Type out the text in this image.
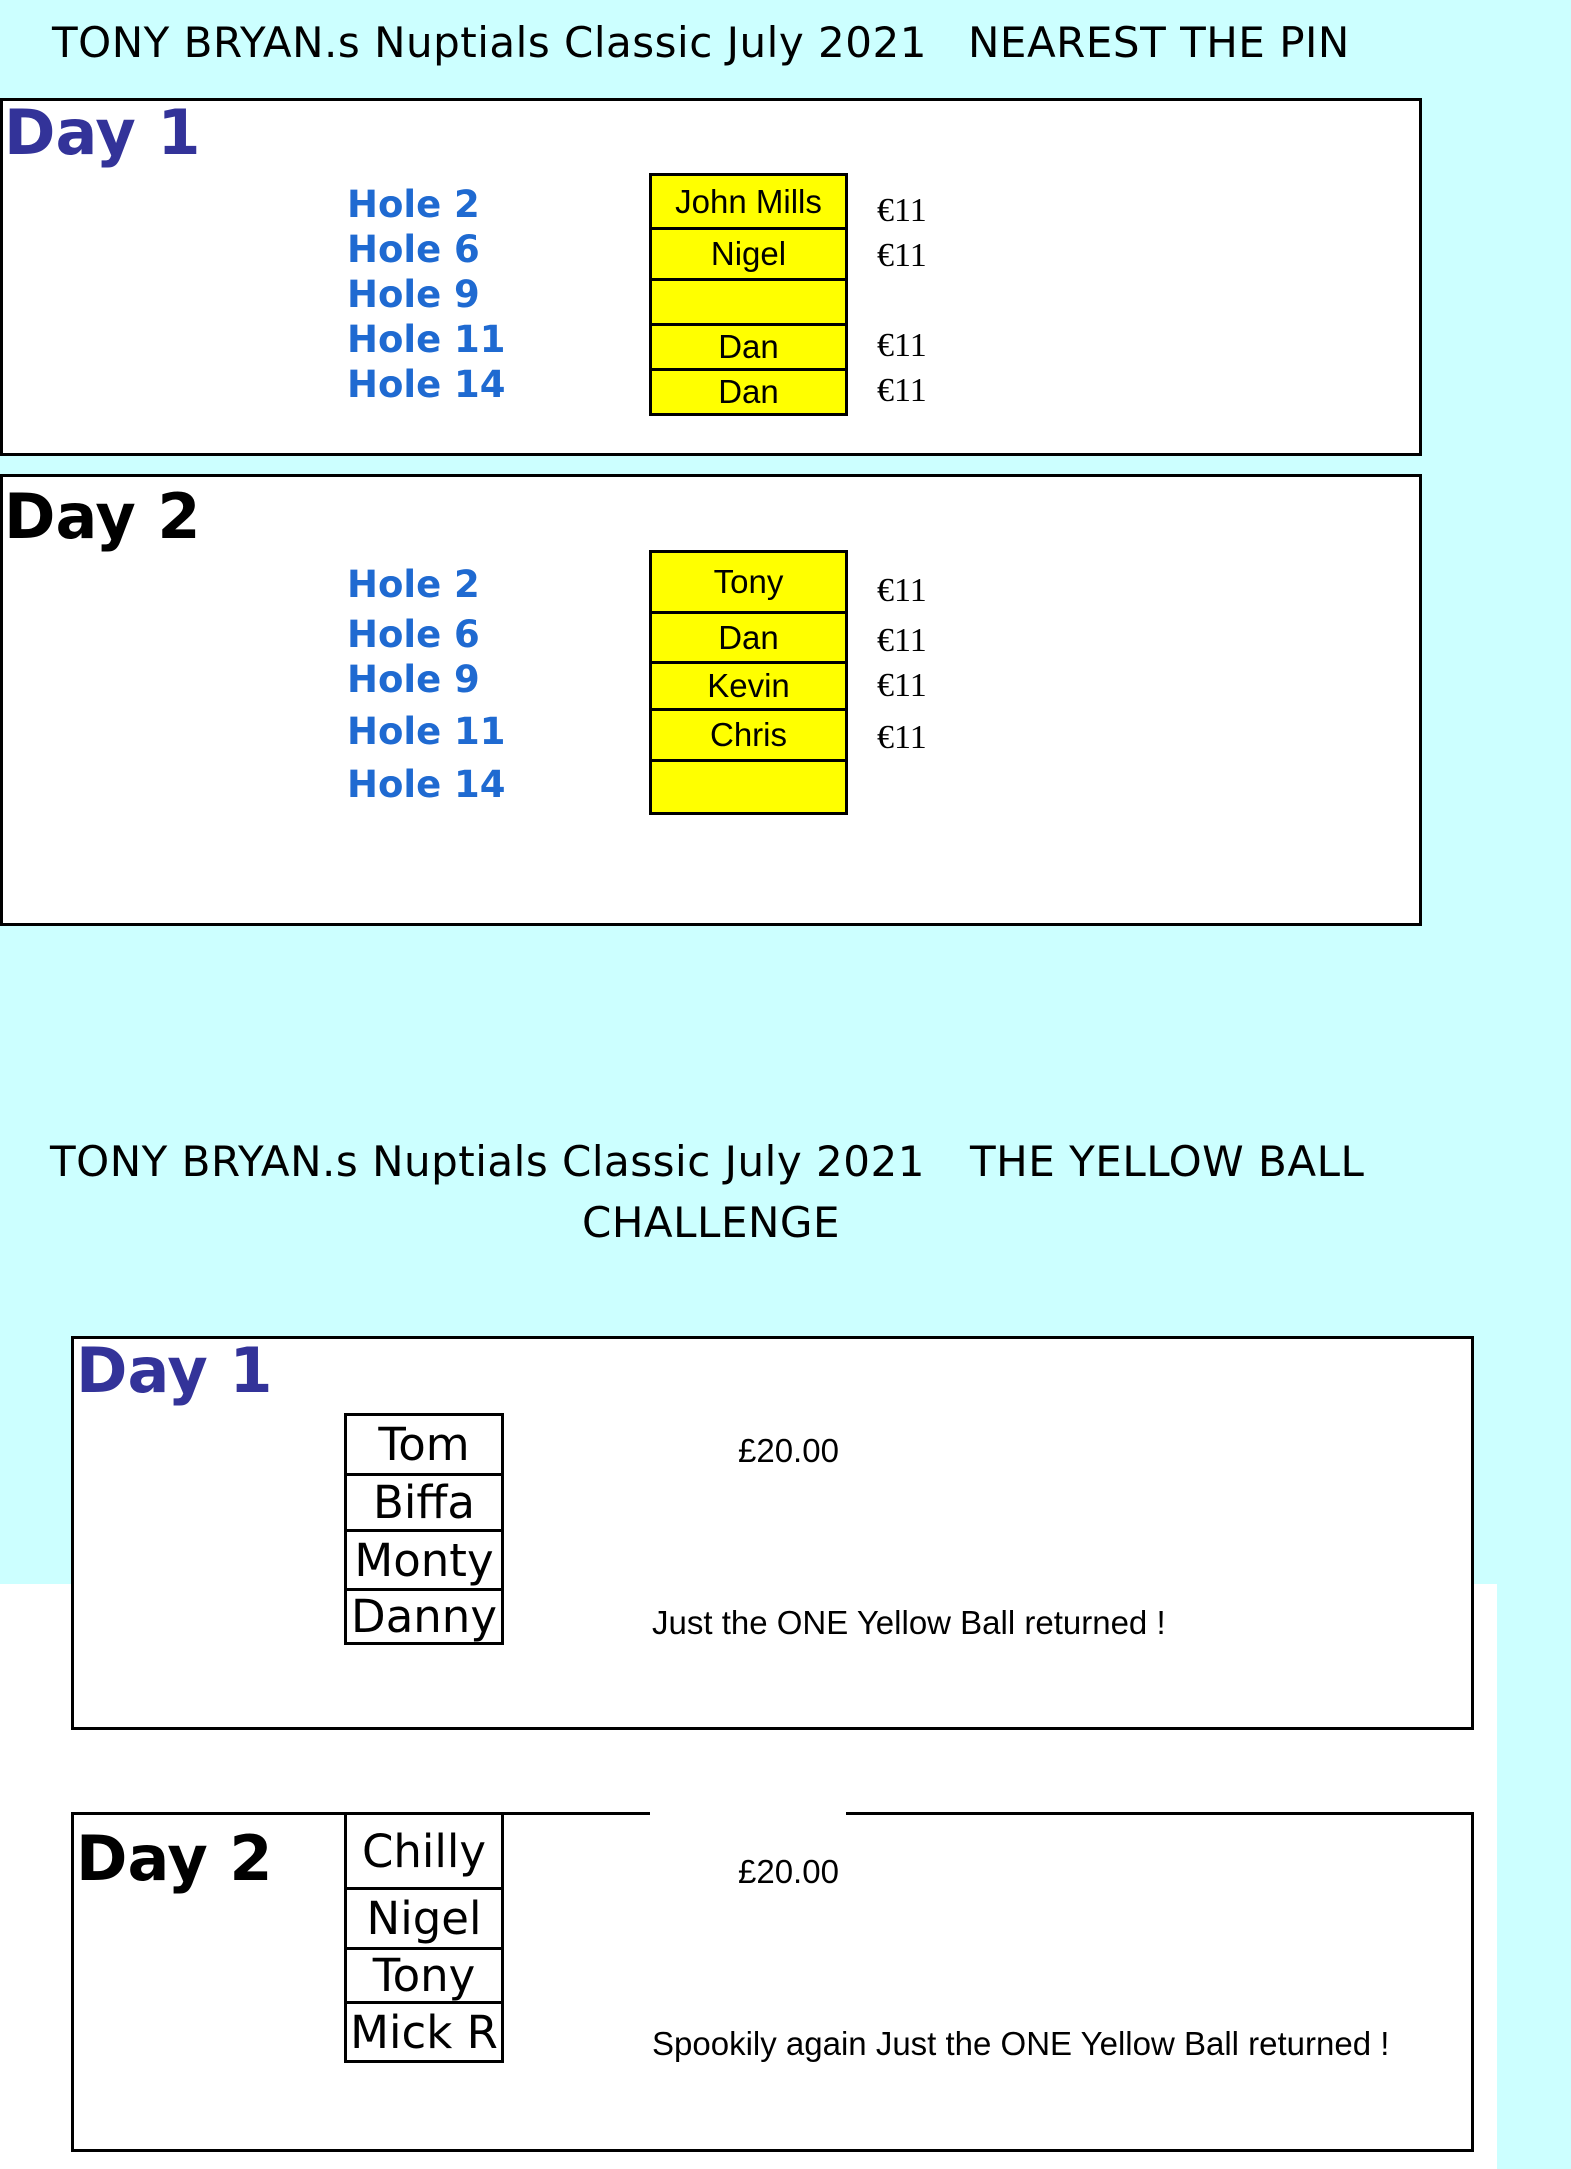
TONY BRYAN.s Nuptials Classic July 2021 NEAREST THE PIN
Day 1
Hole 2
Hole 6
Hole 9
Hole 11
Hole 14
John Mills
Nigel
Dan
Dan
€11
€11
€11
€11
Day 2
Hole 2
Hole 6
Hole 9
Hole 11
Hole 14
Tony
Dan
Kevin
Chris
€11
€11
€11
€11
TONY BRYAN.s Nuptials Classic July 2021 THE YELLOW BALL
CHALLENGE
Day 1
Tom
Biffa
Monty
Danny
£20.00
Just the ONE Yellow Ball returned !
Day 2	Chilly
Nigel
Tony
Mick R
£20.00
Spookily again Just the ONE Yellow Ball returned !
